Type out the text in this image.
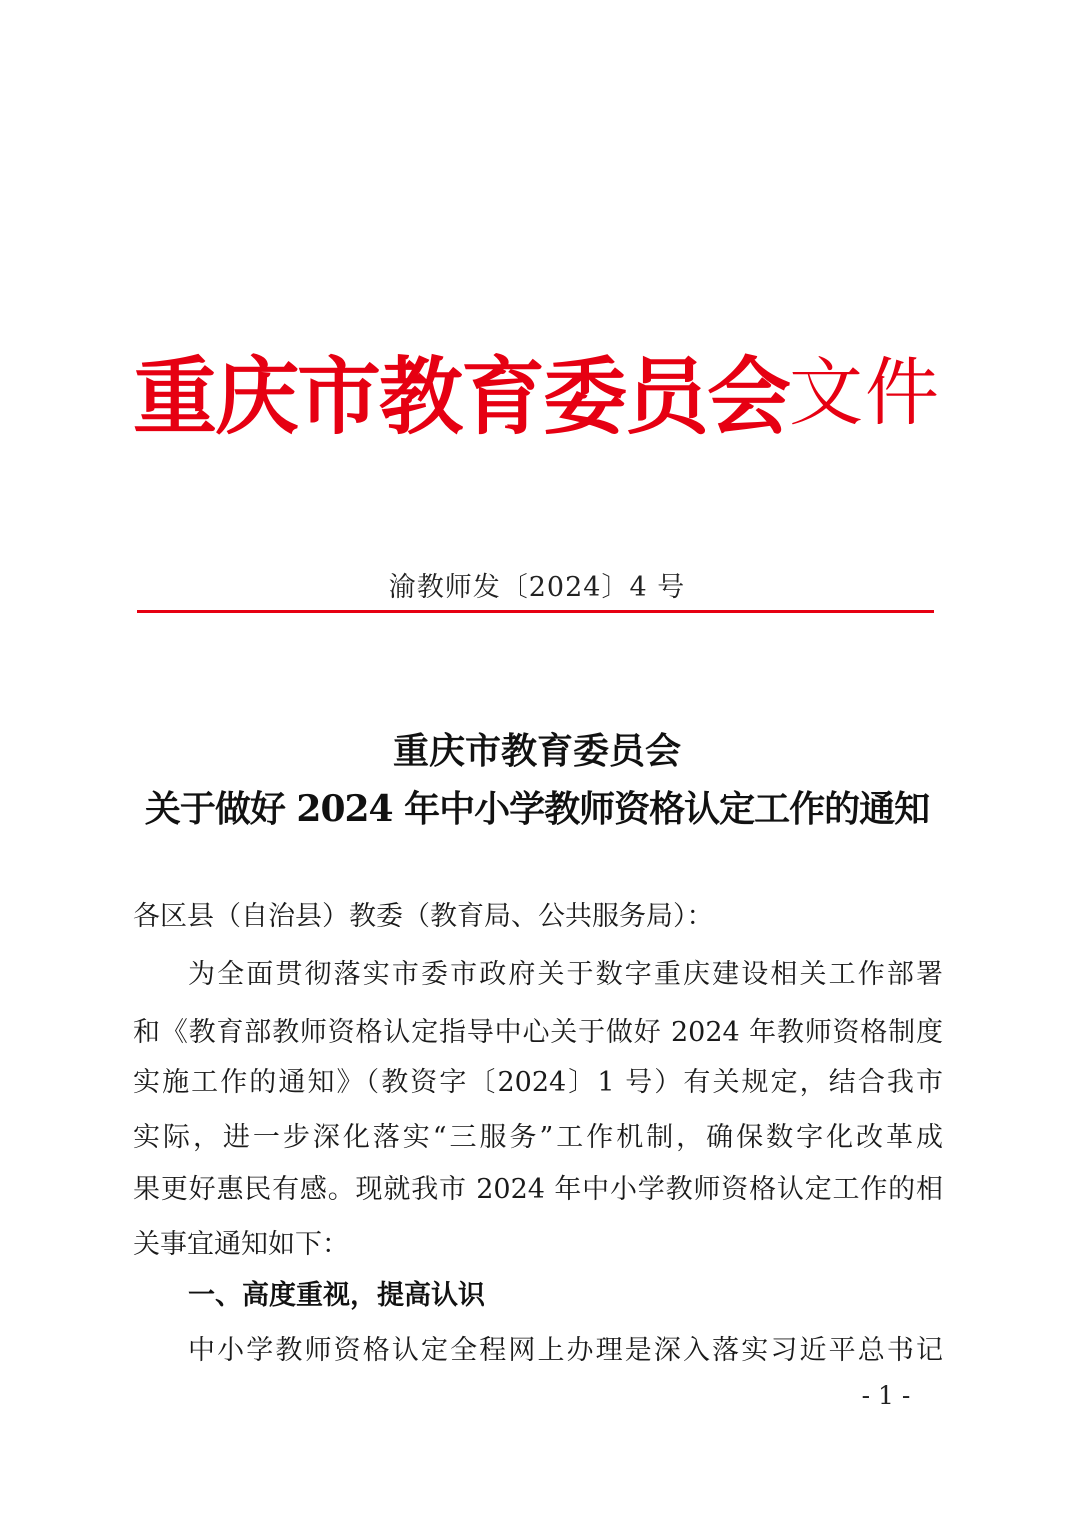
重庆市教育委员会文件
渝教师发〔2024〕4 号
重庆市教育委员会
关于做好 2024 年中小学教师资格认定工作的通知
各区县（自治县）教委（教育局、公共服务局）：
为全面贯彻落实市委市政府关于数字重庆建设相关工作部署
和《教育部教师资格认定指导中心关于做好 2024 年教师资格制度
实施工作的通知》（教资字〔2024〕1 号）有关规定，结合我市
实际，进一步深化落实“三服务”工作机制，确保数字化改革成
果更好惠民有感。现就我市 2024 年中小学教师资格认定工作的相
关事宜通知如下：
一、高度重视，提高认识
中小学教师资格认定全程网上办理是深入落实习近平总书记
- 1 -
